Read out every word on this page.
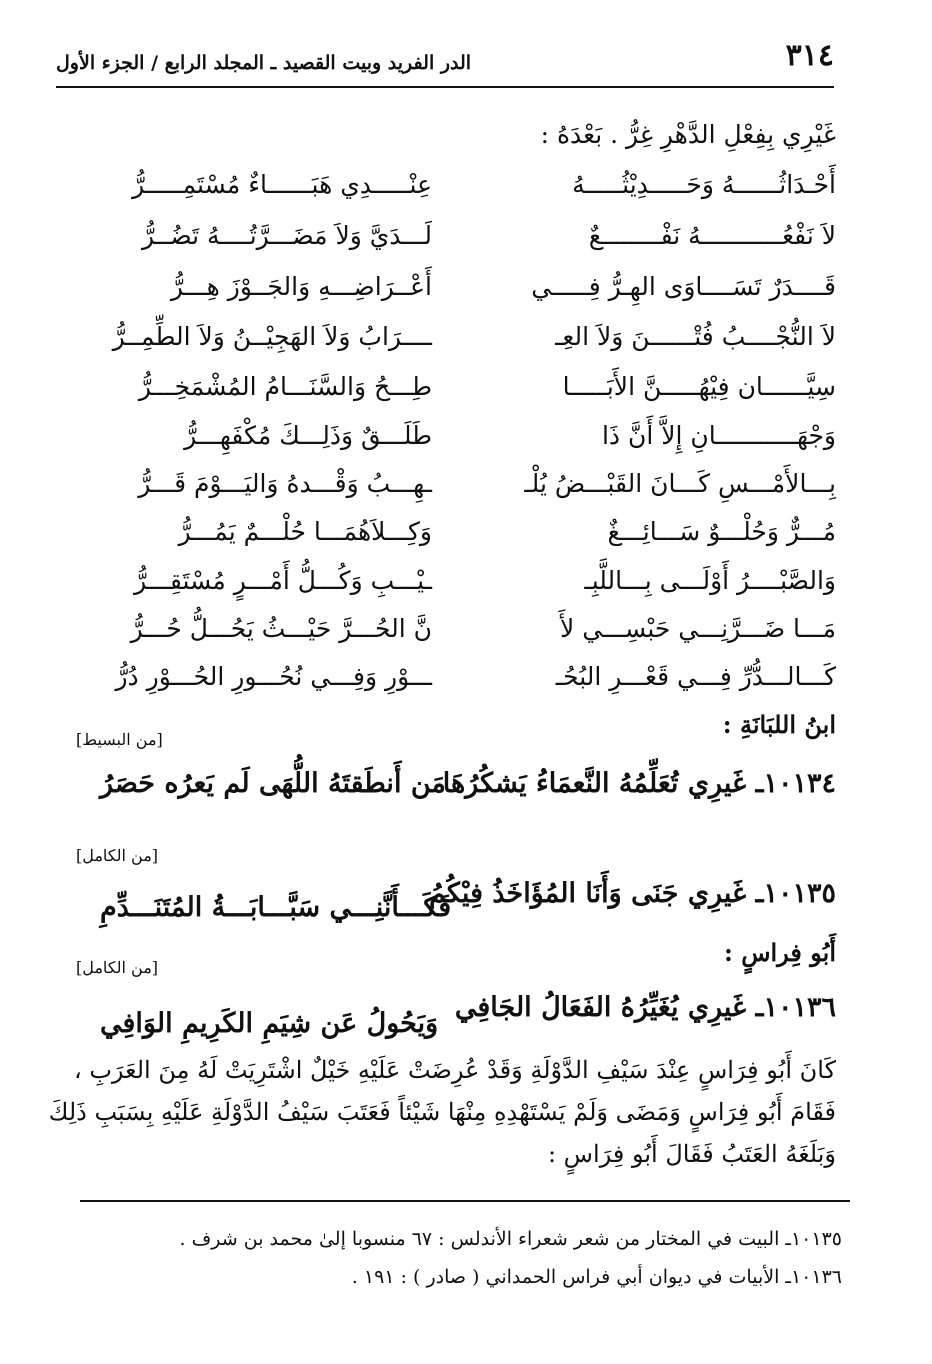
٣١٤
الدر الفريد وبيت القصيد ـ المجلد الرابع / الجزء الأول
غَيْرِي بِفِعْلِ الدَّهْرِ غِرُّ . بَعْدَهُ :
أَحْـدَاثُــــــهُ وَحَـــــدِيْثُـــــهُ
عِنْـــــدِي هَبَــــــاءٌ مُسْتَمِـــــرُّ
لاَ نَفْعُـــــــــــهُ نَفْــــــــعٌ
لَـــدَيَّ وَلاَ مَضَـــرَّتُــــهُ تَضُــرُّ
قَــــدَرٌ تَسَــــاوَى الهِـرُّ فِـــــي
أَعْــرَاضِـــهِ وَالجَــوْزَ هِـــرُّ
لاَ النُّجْــــبُ فُتْــــــنَ وَلاَ العِـ
ــــرَابُ وَلاَ الهَجِيْــنُ وَلاَ الطِّمِــرُّ
سِيَّــــــان فِيْهُـــــنَّ الأَبَـــــا
طِـــحُ وَالسَّنَـــامُ المُشْمَخِـــرُّ
وَجْهَـــــــــــانِ إِلاَّ أَنَّ ذَا
طَلَـــقٌ وَذَلِـــكَ مُكْفَهِـــرُّ
بِـــالأَمْـــسِ كَـــانَ القَبْـــضُ يُلْـ
ـهِـــبُ وَقْـــدهُ وَاليَـــوْمَ قَـــرُّ
مُـــرٌّ وَحُلْـــوٌ سَـــائِـــغٌ
وَكِـــلاَهُمَـــا حُلْـــمٌ يَمُـــرُّ
وَالصَّبْــــرُ أَوْلَـــى بِـــاللَّبِـ
ـيْـــبِ وَكُـــلُّ أَمْـــرٍ مُسْتَقِـــرُّ
مَـــا ضَـــرَّنِـــي حَبْسِـــي لأَ
نَّ الحُـــرَّ حَيْـــثُ يَحُـــلُّ حُـــرُّ
كَـــالـــدُّرِّ فِـــي قَعْـــرِ البُحُـ
ـــوْرِ وَفِـــي نُحُـــورِ الحُـــوْرِ دُرُّ
ابنُ اللبَانَةِ :
[من البسيط]
١٠١٣٤ـ غَيرِي تُعَلِّمُهُ النَّعمَاءُ يَشكُرُهَا
مَن أَنطَقتَهُ اللُّهَى لَم يَعرُه حَصَرُ
[من الكامل]
١٠١٣٥ـ غَيرِي جَنَى وَأَنَا المُؤَاخَذُ فِيْكُمُ
فَكَـــأَنَّنِـــي سَبَّـــابَـــةُ المُتَنَـــدِّمِ
أَبُو فِراسٍ :
[من الكامل]
١٠١٣٦ـ غَيرِي يُغَيِّرُهُ الفَعَالُ الجَافِي
وَيَحُولُ عَن شِيَمِ الكَرِيمِ الوَافِي
كَانَ أَبُو فِرَاسٍ عِنْدَ سَيْفِ الدَّوْلَةِ وَقَدْ عُرِضَتْ عَلَيْهِ خَيْلٌ اشْتَرِيَتْ لَهُ مِنَ العَرَبِ ،
فَقَامَ أَبُو فِرَاسٍ وَمَضَى وَلَمْ يَسْتَهْدِهِ مِنْهَا شَيْئاً فَعَتَبَ سَيْفُ الدَّوْلَةِ عَلَيْهِ بِسَبَبِ ذَلِكَ
وَبَلَغَهُ العَتَبُ فَقَالَ أَبُو فِرَاسٍ :
١٠١٣٥ـ البيت في المختار من شعر شعراء الأندلس : ٦٧ منسوبا إلىٰ محمد بن شرف .
١٠١٣٦ـ الأبيات في ديوان أبي فراس الحمداني ( صادر ) : ١٩١ .
